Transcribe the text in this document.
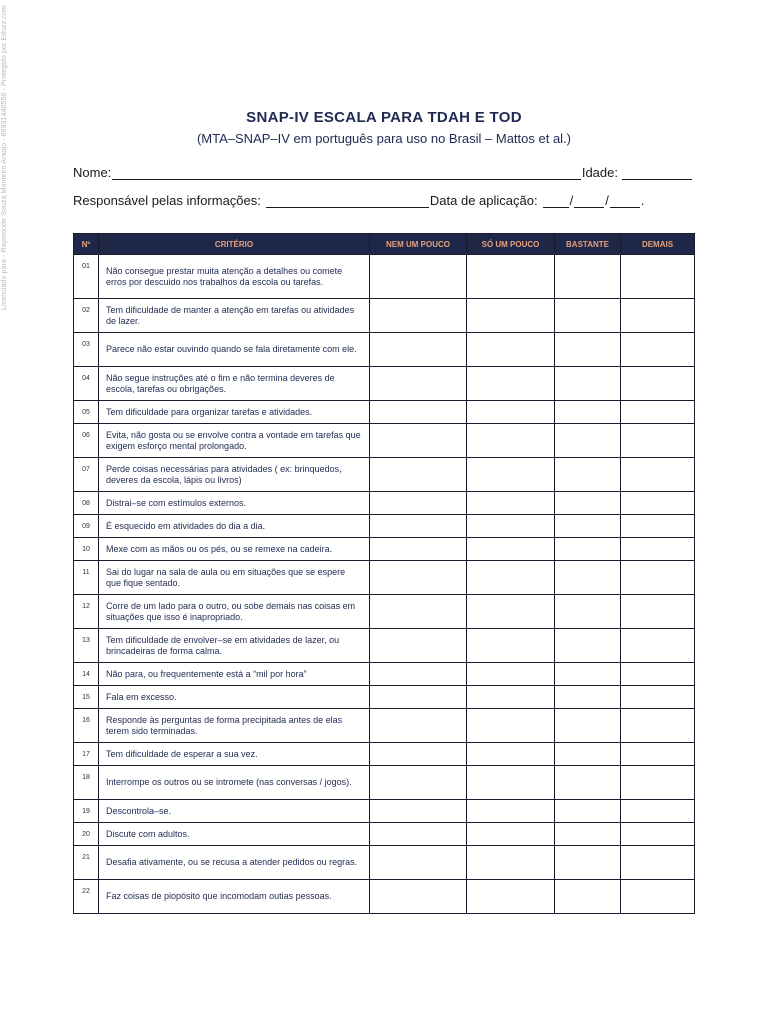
Licenciado para - Raymonde Souza Monteiro Araujo - 89931440550 - Protegido por Eduzz.com	SNAP-IV ESCALA PARA TDAH E TOD
(MTA–SNAP–IV em português para uso no Brasil – Mattos et al.)
Nome:	Idade:
Responsável pelas informações:	Data de aplicação: / / .
Nº	CRITÉRIO	NEM UM POUCO	SÓ UM POUCO	BASTANTE	DEMAIS
01	Não consegue prestar muita atenção a detalhes ou comete erros por descuido nos trabalhos da escola ou tarefas.				
02	Tem dificuldade de manter a atenção em tarefas ou atividades de lazer.				
03	Parece não estar ouvindo quando se fala diretamente com ele.				
04	Não segue instruções até o fim e não termina deveres de escola, tarefas ou obrigações.				
05	Tem dificuldade para organizar tarefas e atividades.				
06	Evita, não gosta ou se envolve contra a vontade em tarefas que exigem esforço mental prolongado.				
07	Perde coisas necessárias para atividades ( ex: brinquedos, deveres da escola, lápis ou livros)				
08	Distrai–se com estímulos externos.				
09	É esquecido em atividades do dia a dia.				
10	Mexe com as mãos ou os pés, ou se remexe na cadeira.				
11	Sai do lugar na sala de aula ou em situações que se espere que fique sentado.				
12	Corre de um lado para o outro, ou sobe demais nas coisas em situações que isso é inapropriado.				
13	Tem dificuldade de envolver–se em atividades de lazer, ou brincadeiras de forma calma.				
14	Não para, ou frequentemente está a “mil por hora”				
15	Fala em excesso.				
16	Responde às perguntas de forma precipitada antes de elas terem sido terminadas.				
17	Tem dificuldade de esperar a sua vez.				
18	Interrompe os outros ou se intromete (nas conversas / jogos).				
19	Descontrola–se.				
20	Discute com adultos.				
21	Desafia ativamente, ou se recusa a atender pedidos ou regras.				
22	Faz coisas de piopósito que incomodam outias pessoas.				
